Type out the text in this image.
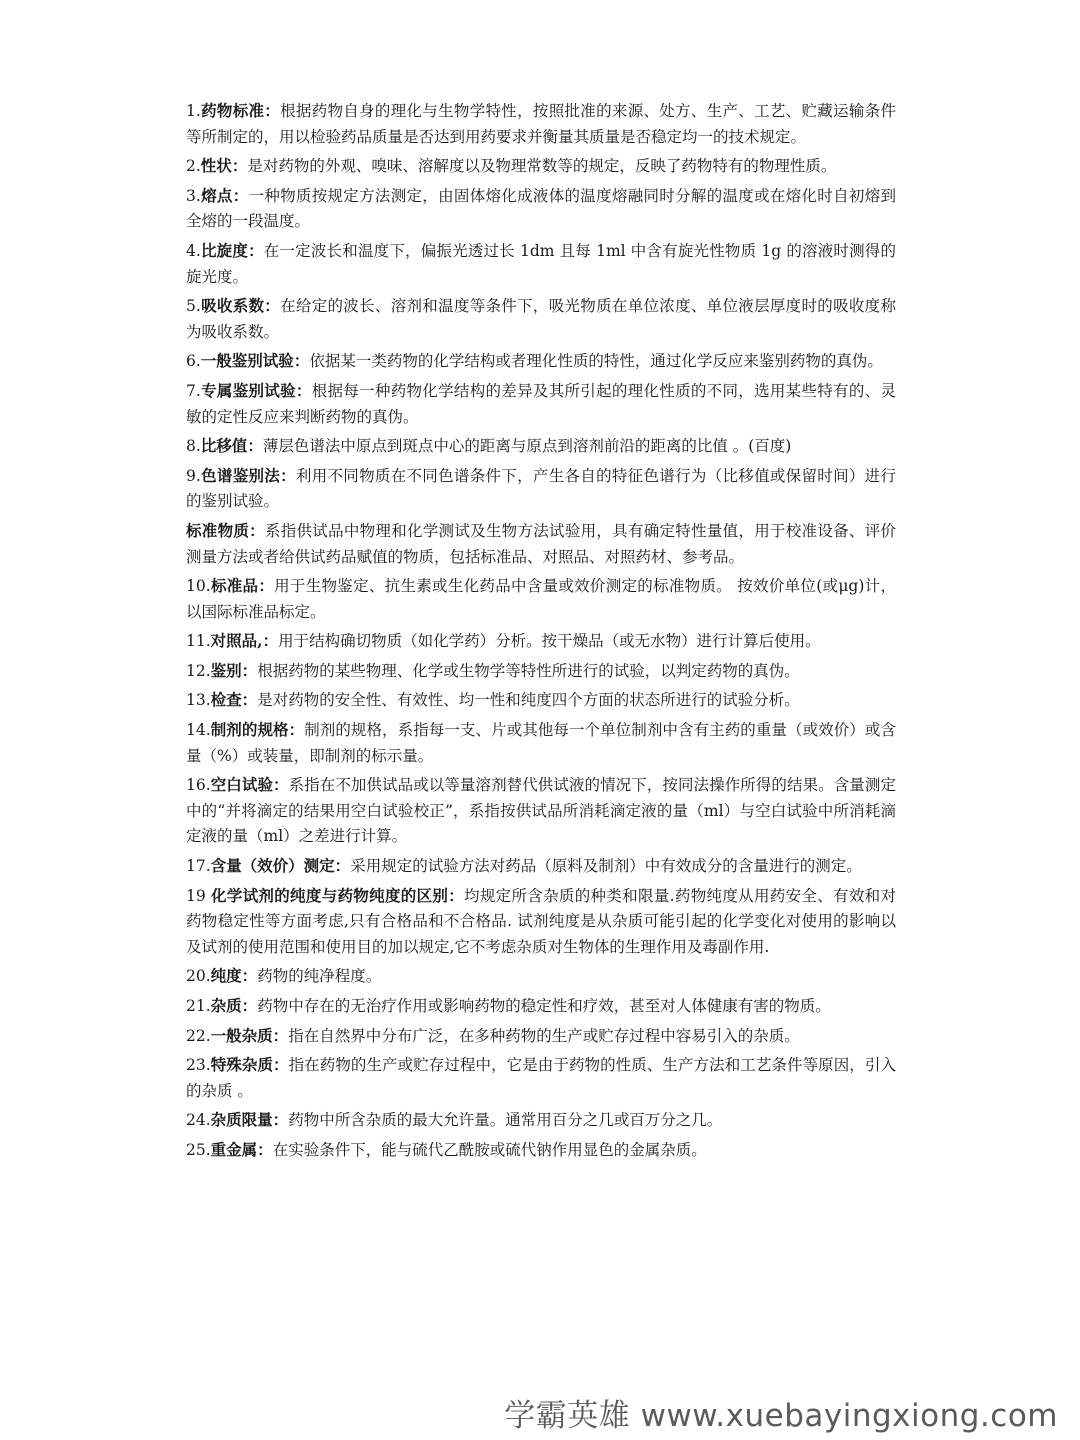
1.药物标准：根据药物自身的理化与生物学特性，按照批准的来源、处方、生产、工艺、贮藏运输条件等所制定的，用以检验药品质量是否达到用药要求并衡量其质量是否稳定均一的技术规定。

2.性状：是对药物的外观、嗅味、溶解度以及物理常数等的规定，反映了药物特有的物理性质。

3.熔点：一种物质按规定方法测定，由固体熔化成液体的温度熔融同时分解的温度或在熔化时自初熔到全熔的一段温度。

4.比旋度：在一定波长和温度下，偏振光透过长 1dm 且每 1ml 中含有旋光性物质 1g 的溶液时测得的旋光度。

5.吸收系数：在给定的波长、溶剂和温度等条件下，吸光物质在单位浓度、单位液层厚度时的吸收度称为吸收系数。

6.一般鉴别试验：依据某一类药物的化学结构或者理化性质的特性，通过化学反应来鉴别药物的真伪。

7.专属鉴别试验：根据每一种药物化学结构的差异及其所引起的理化性质的不同，选用某些特有的、灵敏的定性反应来判断药物的真伪。

8.比移值：薄层色谱法中原点到斑点中心的距离与原点到溶剂前沿的距离的比值 。(百度)

9.色谱鉴别法：利用不同物质在不同色谱条件下，产生各自的特征色谱行为（比移值或保留时间）进行的鉴别试验。

标准物质：系指供试品中物理和化学测试及生物方法试验用，具有确定特性量值，用于校准设备、评价测量方法或者给供试药品赋值的物质，包括标准品、对照品、对照药材、参考品。

10.标准品：用于生物鉴定、抗生素或生化药品中含量或效价测定的标准物质。 按效价单位(或μg)计，以国际标准品标定。

11.对照品,：用于结构确切物质（如化学药）分析。按干燥品（或无水物）进行计算后使用。

12.鉴别：根据药物的某些物理、化学或生物学等特性所进行的试验，以判定药物的真伪。

13.检查：是对药物的安全性、有效性、均一性和纯度四个方面的状态所进行的试验分析。

14.制剂的规格：制剂的规格，系指每一支、片或其他每一个单位制剂中含有主药的重量（或效价）或含量（%）或装量，即制剂的标示量。

16.空白试验：系指在不加供试品或以等量溶剂替代供试液的情况下，按同法操作所得的结果。含量测定中的“并将滴定的结果用空白试验校正”，系指按供试品所消耗滴定液的量（ml）与空白试验中所消耗滴定液的量（ml）之差进行计算。

17.含量（效价）测定：采用规定的试验方法对药品（原料及制剂）中有效成分的含量进行的测定。

19 化学试剂的纯度与药物纯度的区别：均规定所含杂质的种类和限量.药物纯度从用药安全、有效和对药物稳定性等方面考虑,只有合格品和不合格品. 试剂纯度是从杂质可能引起的化学变化对使用的影响以及试剂的使用范围和使用目的加以规定,它不考虑杂质对生物体的生理作用及毒副作用.

20.纯度：药物的纯净程度。

21.杂质：药物中存在的无治疗作用或影响药物的稳定性和疗效，甚至对人体健康有害的物质。

22.一般杂质：指在自然界中分布广泛，在多种药物的生产或贮存过程中容易引入的杂质。

23.特殊杂质：指在药物的生产或贮存过程中，它是由于药物的性质、生产方法和工艺条件等原因，引入的杂质 。

24.杂质限量：药物中所含杂质的最大允许量。通常用百分之几或百万分之几。

25.重金属：在实验条件下，能与硫代乙酰胺或硫代钠作用显色的金属杂质。

学霸英雄 www.xuebayingxiong.com
